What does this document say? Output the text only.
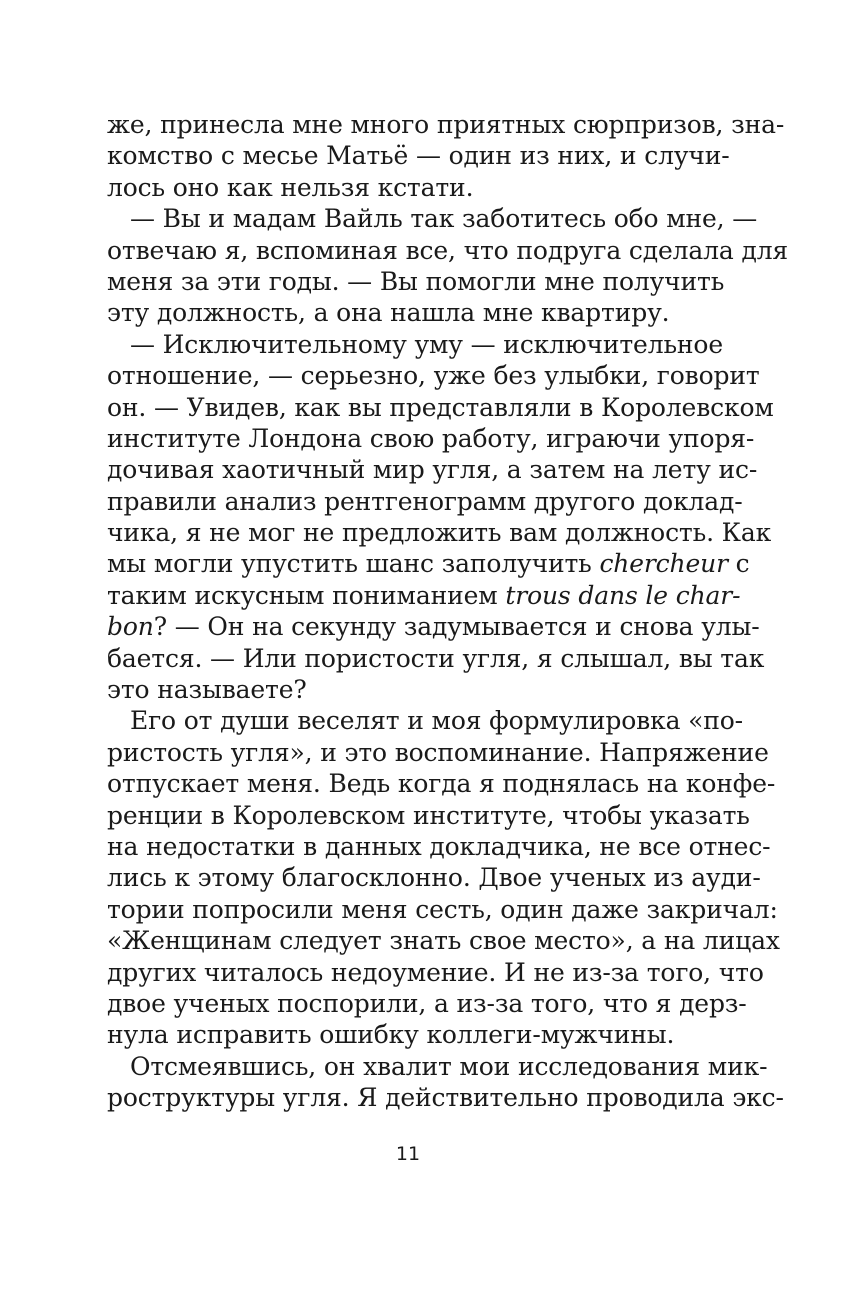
же, принесла мне много приятных сюрпризов, зна-
комство с месье Матьё — один из них, и случи-
лось оно как нельзя кстати.
— Вы и мадам Вайль так заботитесь обо мне, —
отвечаю я, вспоминая все, что подруга сделала для
меня за эти годы. — Вы помогли мне получить
эту должность, а она нашла мне квартиру.
— Исключительному уму — исключительное
отношение, — серьезно, уже без улыбки, говорит
он. — Увидев, как вы представляли в Королевском
институте Лондона свою работу, играючи упоря-
дочивая хаотичный мир угля, а затем на лету ис-
правили анализ рентгенограмм другого доклад-
чика, я не мог не предложить вам должность. Как
мы могли упустить шанс заполучить chercheur с
таким искусным пониманием trous dans le char-
bon? — Он на секунду задумывается и снова улы-
бается. — Или пористости угля, я слышал, вы так
это называете?
Его от души веселят и моя формулировка «по-
ристость угля», и это воспоминание. Напряжение
отпускает меня. Ведь когда я поднялась на конфе-
ренции в Королевском институте, чтобы указать
на недостатки в данных докладчика, не все отнес-
лись к этому благосклонно. Двое ученых из ауди-
тории попросили меня сесть, один даже закричал:
«Женщинам следует знать свое место», а на лицах
других читалось недоумение. И не из-за того, что
двое ученых поспорили, а из-за того, что я дерз-
нула исправить ошибку коллеги-мужчины.
Отсмеявшись, он хвалит мои исследования мик-
роструктуры угля. Я действительно проводила экс-
11
